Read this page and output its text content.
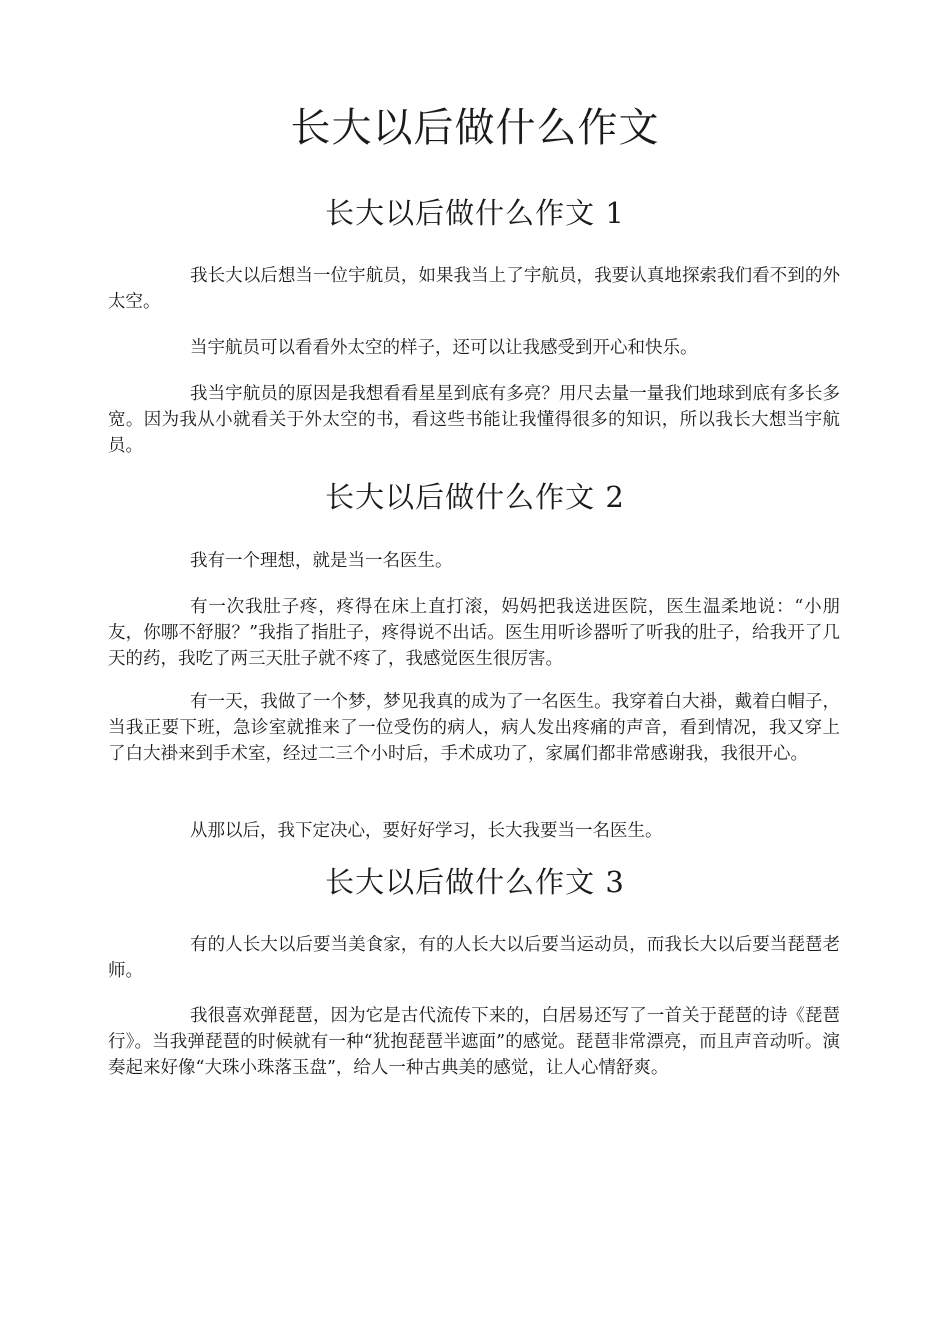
长大以后做什么作文
长大以后做什么作文 1

我长大以后想当一位宇航员，如果我当上了宇航员，我要认真地探索我们看不到的外太空。

当宇航员可以看看外太空的样子，还可以让我感受到开心和快乐。

我当宇航员的原因是我想看看星星到底有多亮？用尺去量一量我们地球到底有多长多宽。因为我从小就看关于外太空的书，看这些书能让我懂得很多的知识，所以我长大想当宇航员。

长大以后做什么作文 2

我有一个理想，就是当一名医生。

有一次我肚子疼，疼得在床上直打滚，妈妈把我送进医院，医生温柔地说：“小朋友，你哪不舒服？”我指了指肚子，疼得说不出话。医生用听诊器听了听我的肚子，给我开了几天的药，我吃了两三天肚子就不疼了，我感觉医生很厉害。

有一天，我做了一个梦，梦见我真的成为了一名医生。我穿着白大褂，戴着白帽子，当我正要下班，急诊室就推来了一位受伤的病人，病人发出疼痛的声音，看到情况，我又穿上了白大褂来到手术室，经过二三个小时后，手术成功了，家属们都非常感谢我，我很开心。

从那以后，我下定决心，要好好学习，长大我要当一名医生。

长大以后做什么作文 3

有的人长大以后要当美食家，有的人长大以后要当运动员，而我长大以后要当琵琶老师。

我很喜欢弹琵琶，因为它是古代流传下来的，白居易还写了一首关于琵琶的诗《琵琶行》。当我弹琵琶的时候就有一种“犹抱琵琶半遮面”的感觉。琵琶非常漂亮，而且声音动听。演奏起来好像“大珠小珠落玉盘”，给人一种古典美的感觉，让人心情舒爽。
